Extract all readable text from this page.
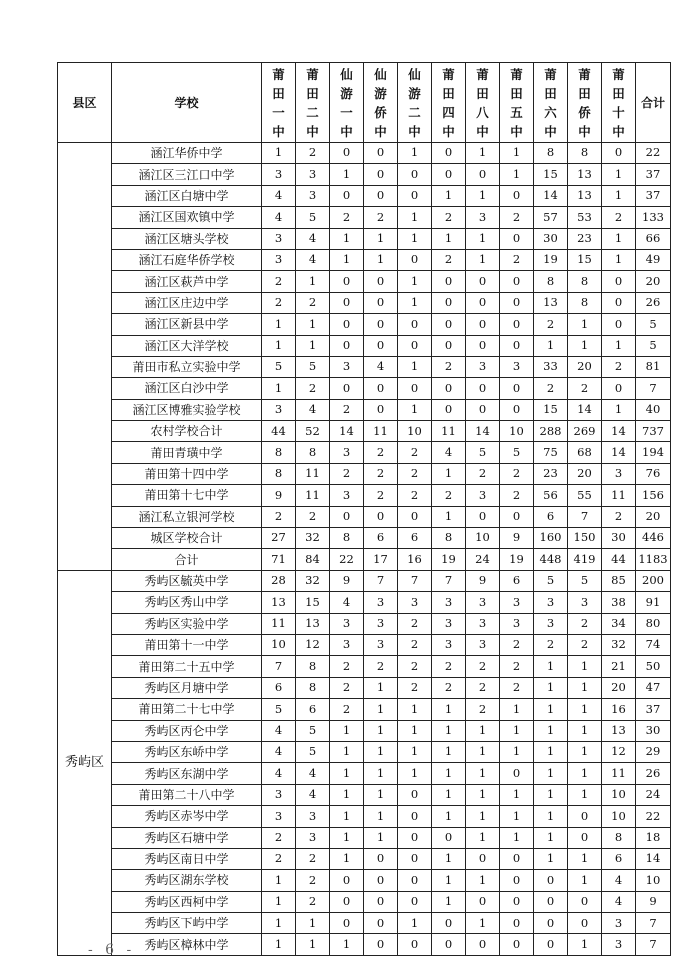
县区	学校	莆
田
一
中	莆
田
二
中	仙
游
一
中	仙
游
侨
中	仙
游
二
中	莆
田
四
中	莆
田
八
中	莆
田
五
中	莆
田
六
中	莆
田
侨
中	莆
田
十
中	合计
	涵江华侨中学	1	2	0	0	1	0	1	1	8	8	0	22
	涵江区三江口中学	3	3	1	0	0	0	0	1	15	13	1	37
	涵江区白塘中学	4	3	0	0	0	1	1	0	14	13	1	37
	涵江区国欢镇中学	4	5	2	2	1	2	3	2	57	53	2	133
	涵江区塘头学校	3	4	1	1	1	1	1	0	30	23	1	66
	涵江石庭华侨学校	3	4	1	1	0	2	1	2	19	15	1	49
	涵江区萩芦中学	2	1	0	0	1	0	0	0	8	8	0	20
	涵江区庄边中学	2	2	0	0	1	0	0	0	13	8	0	26
	涵江区新县中学	1	1	0	0	0	0	0	0	2	1	0	5
	涵江区大洋学校	1	1	0	0	0	0	0	0	1	1	1	5
	莆田市私立实验中学	5	5	3	4	1	2	3	3	33	20	2	81
	涵江区白沙中学	1	2	0	0	0	0	0	0	2	2	0	7
	涵江区博雅实验学校	3	4	2	0	1	0	0	0	15	14	1	40
	农村学校合计	44	52	14	11	10	11	14	10	288	269	14	737
	莆田青璜中学	8	8	3	2	2	4	5	5	75	68	14	194
	莆田第十四中学	8	11	2	2	2	1	2	2	23	20	3	76
	莆田第十七中学	9	11	3	2	2	2	3	2	56	55	11	156
	涵江私立银河学校	2	2	0	0	0	1	0	0	6	7	2	20
	城区学校合计	27	32	8	6	6	8	10	9	160	150	30	446
	合计	71	84	22	17	16	19	24	19	448	419	44	1183
秀屿区	秀屿区毓英中学	28	32	9	7	7	7	9	6	5	5	85	200
	秀屿区秀山中学	13	15	4	3	3	3	3	3	3	3	38	91
	秀屿区实验中学	11	13	3	3	2	3	3	3	3	2	34	80
	莆田第十一中学	10	12	3	3	2	3	3	2	2	2	32	74
	莆田第二十五中学	7	8	2	2	2	2	2	2	1	1	21	50
	秀屿区月塘中学	6	8	2	1	2	2	2	2	1	1	20	47
	莆田第二十七中学	5	6	2	1	1	1	2	1	1	1	16	37
	秀屿区丙仑中学	4	5	1	1	1	1	1	1	1	1	13	30
	秀屿区东峤中学	4	5	1	1	1	1	1	1	1	1	12	29
	秀屿区东湖中学	4	4	1	1	1	1	1	0	1	1	11	26
	莆田第二十八中学	3	4	1	1	0	1	1	1	1	1	10	24
	秀屿区赤岑中学	3	3	1	1	0	1	1	1	1	0	10	22
	秀屿区石塘中学	2	3	1	1	0	0	1	1	1	0	8	18
	秀屿区南日中学	2	2	1	0	0	1	0	0	1	1	6	14
	秀屿区湖东学校	1	2	0	0	0	1	1	0	0	1	4	10
	秀屿区西柯中学	1	2	0	0	0	1	0	0	0	0	4	9
	秀屿区下屿中学	1	1	0	0	1	0	1	0	0	0	3	7
	秀屿区樟林中学	1	1	1	0	0	0	0	0	0	1	3	7
- 6 -
